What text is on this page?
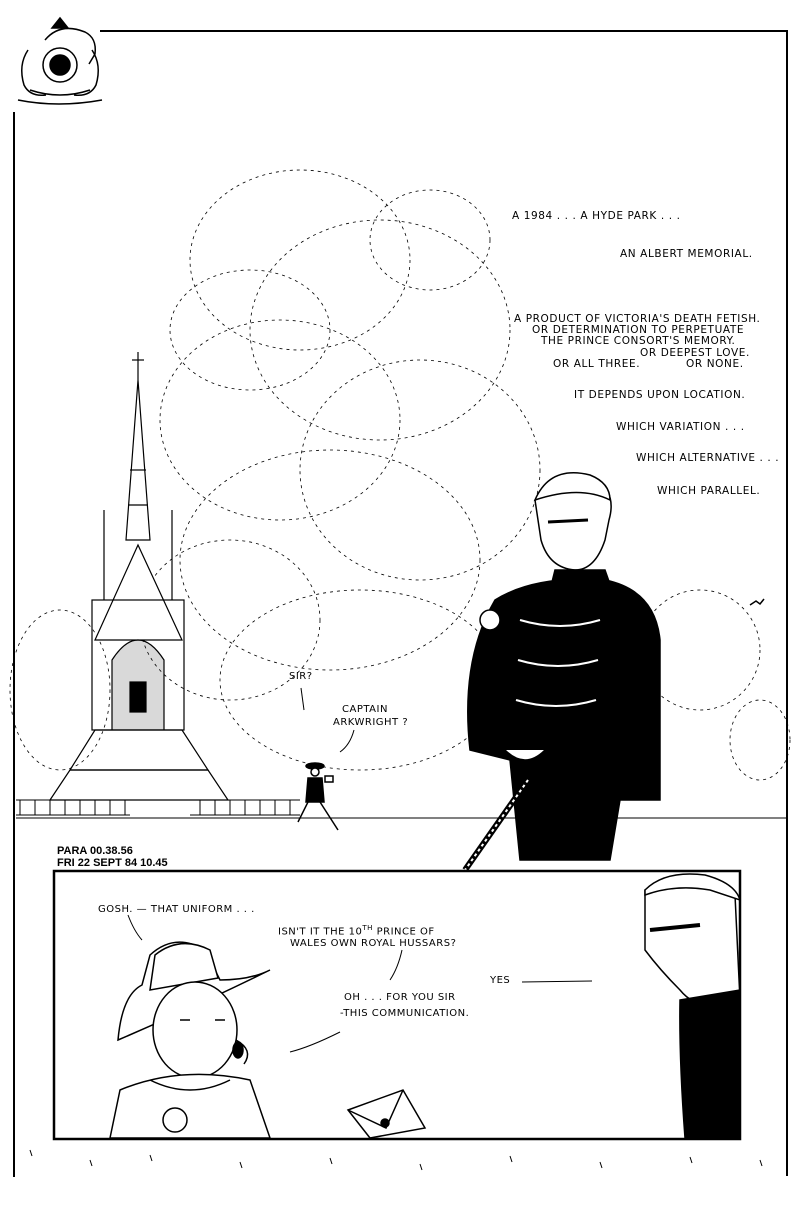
A 1984 . . . A HYDE PARK . . .
AN ALBERT MEMORIAL.
A PRODUCT OF VICTORIA'S DEATH FETISH.
OR DETERMINATION TO PERPETUATE
THE PRINCE CONSORT'S MEMORY.
OR DEEPEST LOVE.
OR ALL THREE.	OR NONE.
IT DEPENDS UPON LOCATION.
WHICH VARIATION . . .
WHICH ALTERNATIVE . . .
WHICH PARALLEL.
SIR?
CAPTAIN
ARKWRIGHT ?
PARA 00.38.56
FRI 22 SEPT 84 10.45
GOSH. — THAT UNIFORM . . .
ISN'T IT THE 10TH PRINCE OF
WALES OWN ROYAL HUSSARS?
YES
OH . . . FOR YOU SIR
-THIS COMMUNICATION.
